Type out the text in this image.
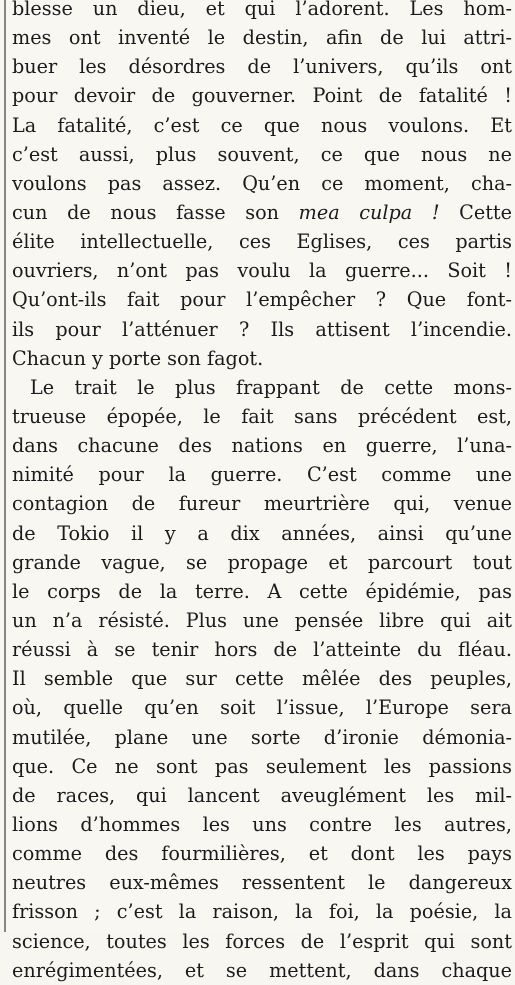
blesse un dieu, et qui l’adorent. Les hom-
mes ont inventé le destin, afin de lui attri-
buer les désordres de l’univers, qu’ils ont
pour devoir de gouverner. Point de fatalité !
La fatalité, c’est ce que nous voulons. Et
c’est aussi, plus souvent, ce que nous ne
voulons pas assez. Qu’en ce moment, cha-
cun de nous fasse son mea culpa ! Cette
élite intellectuelle, ces Eglises, ces partis
ouvriers, n’ont pas voulu la guerre... Soit !
Qu’ont-ils fait pour l’empêcher ? Que font-
ils pour l’atténuer ? Ils attisent l’incendie.
Chacun y porte son fagot.
Le trait le plus frappant de cette mons-
trueuse épopée, le fait sans précédent est,
dans chacune des nations en guerre, l’una-
nimité pour la guerre. C’est comme une
contagion de fureur meurtrière qui, venue
de Tokio il y a dix années, ainsi qu’une
grande vague, se propage et parcourt tout
le corps de la terre. A cette épidémie, pas
un n’a résisté. Plus une pensée libre qui ait
réussi à se tenir hors de l’atteinte du fléau.
Il semble que sur cette mêlée des peuples,
où, quelle qu’en soit l’issue, l’Europe sera
mutilée, plane une sorte d’ironie démonia-
que. Ce ne sont pas seulement les passions
de races, qui lancent aveuglément les mil-
lions d’hommes les uns contre les autres,
comme des fourmilières, et dont les pays
neutres eux-mêmes ressentent le dangereux
frisson ; c’est la raison, la foi, la poésie, la
science, toutes les forces de l’esprit qui sont
enrégimentées, et se mettent, dans chaque
